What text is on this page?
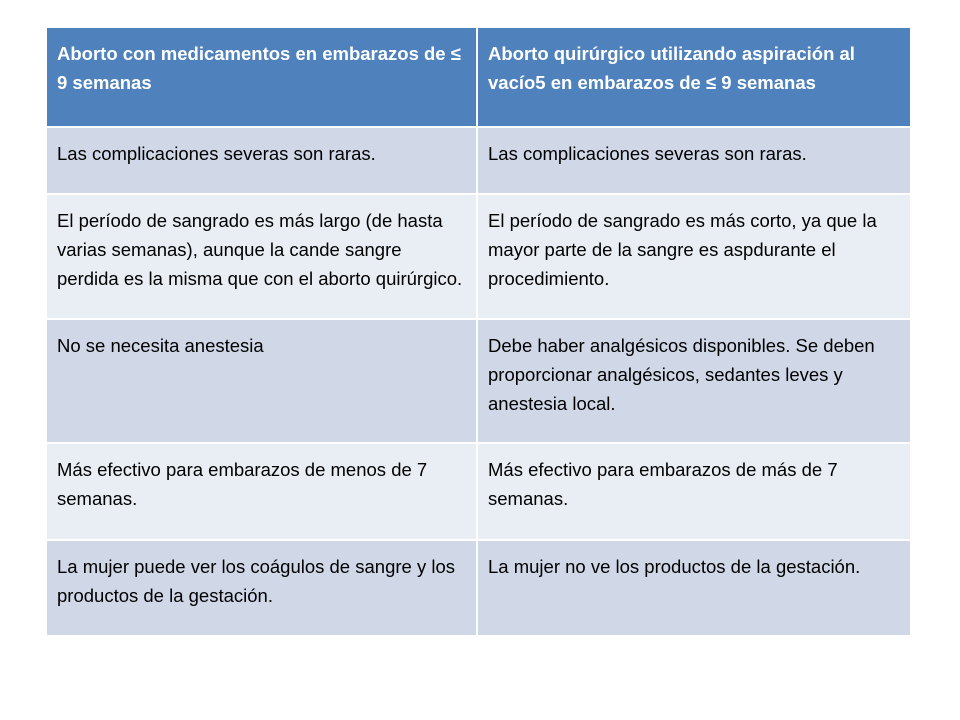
Aborto con medicamentos en embarazos de ≤ 9 semanas	Aborto quirúrgico utilizando aspiración al vacío5 en embarazos de ≤ 9 semanas
Las complicaciones severas son raras.	Las complicaciones severas son raras.
El período de sangrado es más largo (de hasta varias semanas), aunque la cande sangre perdida es la misma que con el aborto quirúrgico.	El período de sangrado es más corto, ya que la mayor parte de la sangre es aspdurante el procedimiento.
No se necesita anestesia	Debe haber analgésicos disponibles. Se deben proporcionar analgésicos, sedantes leves y anestesia local.
Más efectivo para embarazos de menos de 7 semanas.	Más efectivo para embarazos de más de 7 semanas.
La mujer puede ver los coágulos de sangre y los productos de la gestación.	La mujer no ve los productos de la gestación.
